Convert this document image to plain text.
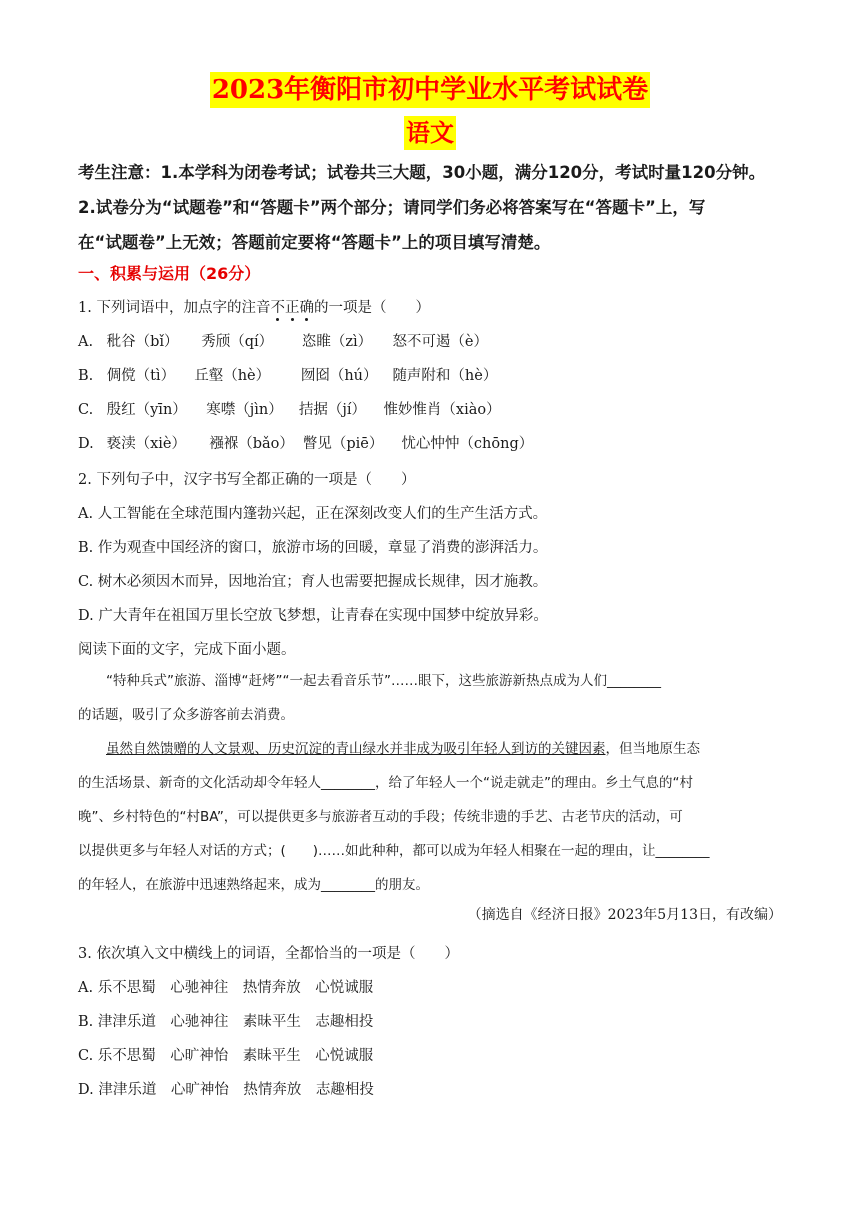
2023年衡阳市初中学业水平考试试卷
语文
考生注意：1.本学科为闭卷考试；试卷共三大题，30小题，满分120分，考试时量120分钟。
2.试卷分为“试题卷”和“答题卡”两个部分；请同学们务必将答案写在“答题卡”上，写
在“试题卷”上无效；答题前定要将“答题卡”上的项目填写清楚。
一、积累与运用（26分）
1. 下列词语中，加点字的注音不正确的一项是（　　）
A. 秕谷（bǐ） 秀颀（qí） 恣睢（zì） 怒不可遏（è）
B. 倜傥（tì） 丘壑（hè） 囫囵（hú） 随声附和（hè）
C. 殷红（yīn） 寒噤（jìn） 拮据（jí） 惟妙惟肖（xiào）
D. 亵渎（xiè） 襁褓（bǎo） 瞥见（piē） 忧心忡忡（chōng）
2. 下列句子中，汉字书写全都正确的一项是（　　）
A. 人工智能在全球范围内篷勃兴起，正在深刻改变人们的生产生活方式。
B. 作为观查中国经济的窗口，旅游市场的回暖，章显了消费的澎湃活力。
C. 树木必须因木而异，因地治宜；育人也需要把握成长规律，因才施教。
D. 广大青年在祖国万里长空放飞梦想，让青春在实现中国梦中绽放异彩。
阅读下面的文字，完成下面小题。
“特种兵式”旅游、淄博“赶烤”“一起去看音乐节”……眼下，这些旅游新热点成为人们________
的话题，吸引了众多游客前去消费。
虽然自然馈赠的人文景观、历史沉淀的青山绿水并非成为吸引年轻人到访的关键因素，但当地原生态
的生活场景、新奇的文化活动却令年轻人________，给了年轻人一个“说走就走”的理由。乡土气息的“村
晚”、乡村特色的“村BA”，可以提供更多与旅游者互动的手段；传统非遗的手艺、古老节庆的活动，可
以提供更多与年轻人对话的方式；(　　)……如此种种，都可以成为年轻人相聚在一起的理由，让________
的年轻人，在旅游中迅速熟络起来，成为________的朋友。
（摘选自《经济日报》2023年5月13日，有改编）
3. 依次填入文中横线上的词语，全都恰当的一项是（　　）
A. 乐不思蜀　心驰神往　热情奔放　心悦诚服
B. 津津乐道　心驰神往　素昧平生　志趣相投
C. 乐不思蜀　心旷神怡　素昧平生　心悦诚服
D. 津津乐道　心旷神怡　热情奔放　志趣相投
